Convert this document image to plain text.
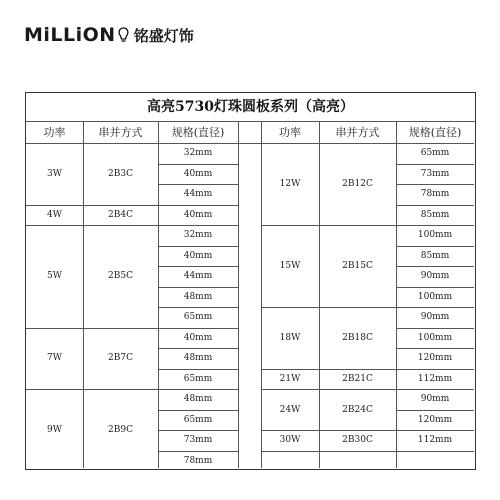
MiLLiON 铭盛灯饰
高亮5730灯珠圆板系列（高亮）
功率	串并方式	规格(直径)	功率	串并方式	规格(直径)
3W	2B3C
32mm
40mm
44mm
4W	2B4C	40mm
5W	2B5C
32mm
40mm
44mm
48mm
65mm
7W	2B7C
40mm
48mm
65mm
9W	2B9C
48mm
65mm
73mm
78mm
12W	2B12C
65mm
73mm
78mm
85mm
15W	2B15C
100mm
85mm
90mm
100mm
18W	2B18C
90mm
100mm
120mm
21W	2B21C	112mm
24W	2B24C
90mm
120mm
30W	2B30C	112mm
